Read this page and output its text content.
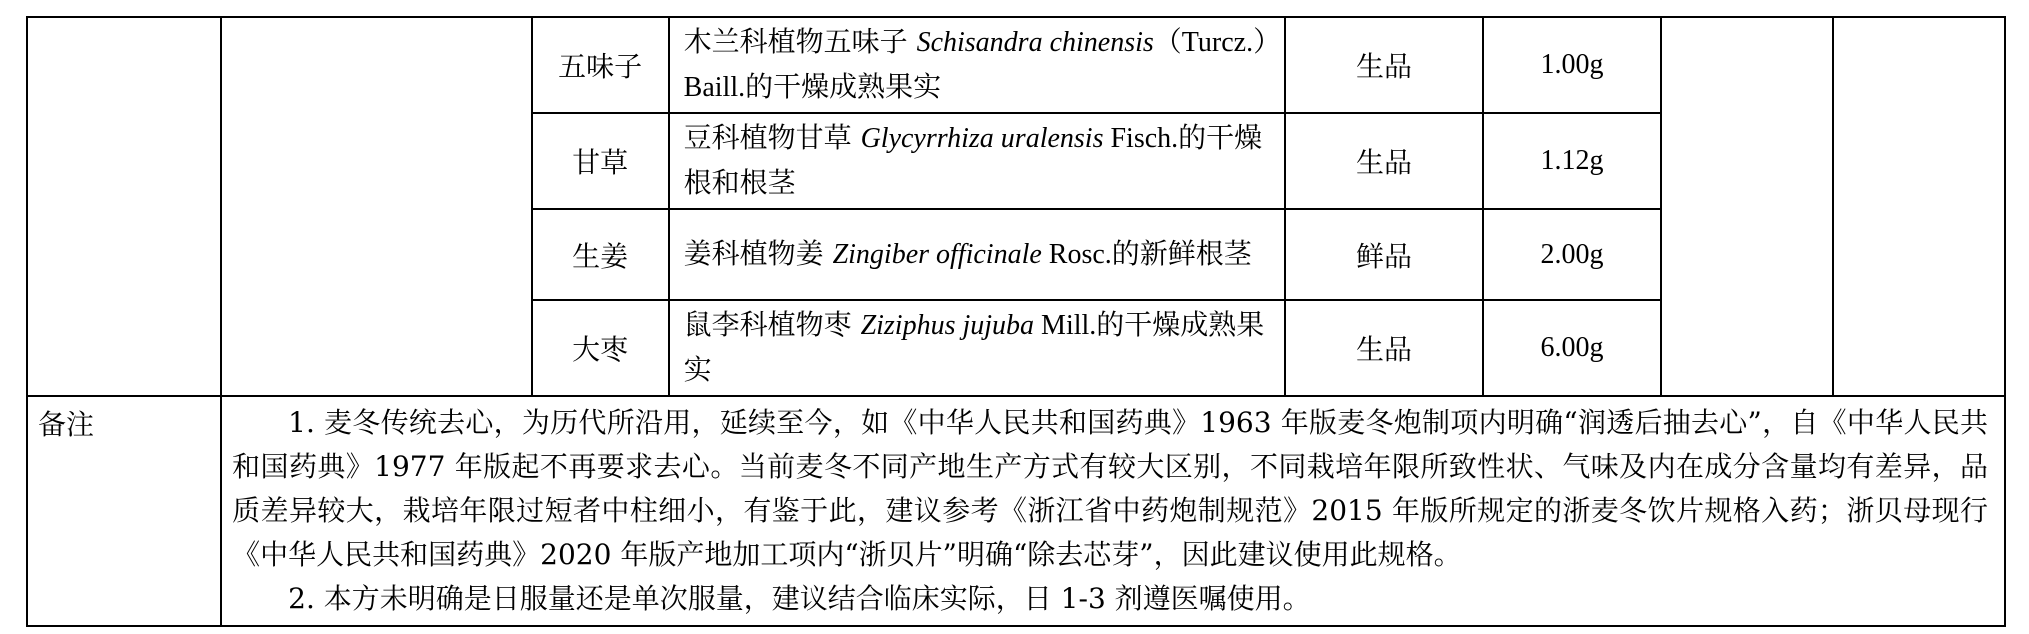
		五味子	木兰科植物五味子 Schisandra chinensis（Turcz.）Baill.的干燥成熟果实	生品	1.00g		
		甘草	豆科植物甘草 Glycyrrhiza uralensis Fisch.的干燥根和根茎	生品	1.12g		
		生姜	姜科植物姜 Zingiber officinale Rosc.的新鲜根茎	鲜品	2.00g		
		大枣	鼠李科植物枣 Ziziphus jujuba Mill.的干燥成熟果实	生品	6.00g		
备注	1. 麦冬传统去心，为历代所沿用，延续至今，如《中华人民共和国药典》1963 年版麦冬炮制项内明确“润透后抽去心”，自《中华人民共和国药典》1977 年版起不再要求去心。当前麦冬不同产地生产方式有较大区别，不同栽培年限所致性状、气味及内在成分含量均有差异，品质差异较大，栽培年限过短者中柱细小，有鉴于此，建议参考《浙江省中药炮制规范》2015 年版所规定的浙麦冬饮片规格入药；浙贝母现行《中华人民共和国药典》2020 年版产地加工项内“浙贝片”明确“除去芯芽”，因此建议使用此规格。

2. 本方未明确是日服量还是单次服量，建议结合临床实际，日 1-3 剂遵医嘱使用。						
